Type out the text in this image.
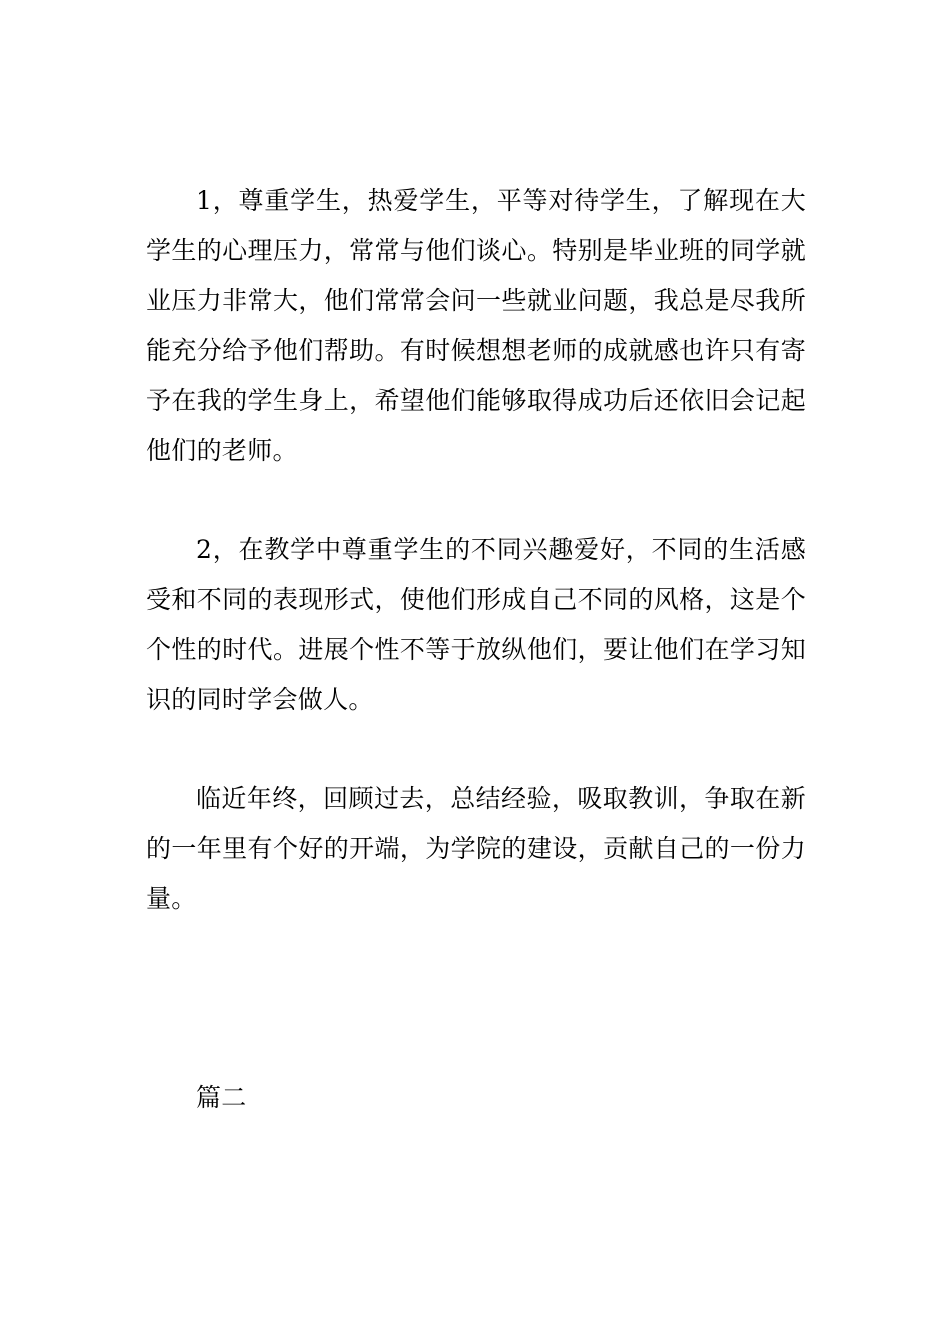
1，尊重学生，热爱学生，平等对待学生，了解现在大学生的心理压力，常常与他们谈心。特别是毕业班的同学就业压力非常大，他们常常会问一些就业问题，我总是尽我所能充分给予他们帮助。有时候想想老师的成就感也许只有寄予在我的学生身上，希望他们能够取得成功后还依旧会记起他们的老师。

2，在教学中尊重学生的不同兴趣爱好，不同的生活感受和不同的表现形式，使他们形成自己不同的风格，这是个个性的时代。进展个性不等于放纵他们，要让他们在学习知识的同时学会做人。

临近年终，回顾过去，总结经验，吸取教训，争取在新的一年里有个好的开端，为学院的建设，贡献自己的一份力量。

篇二
